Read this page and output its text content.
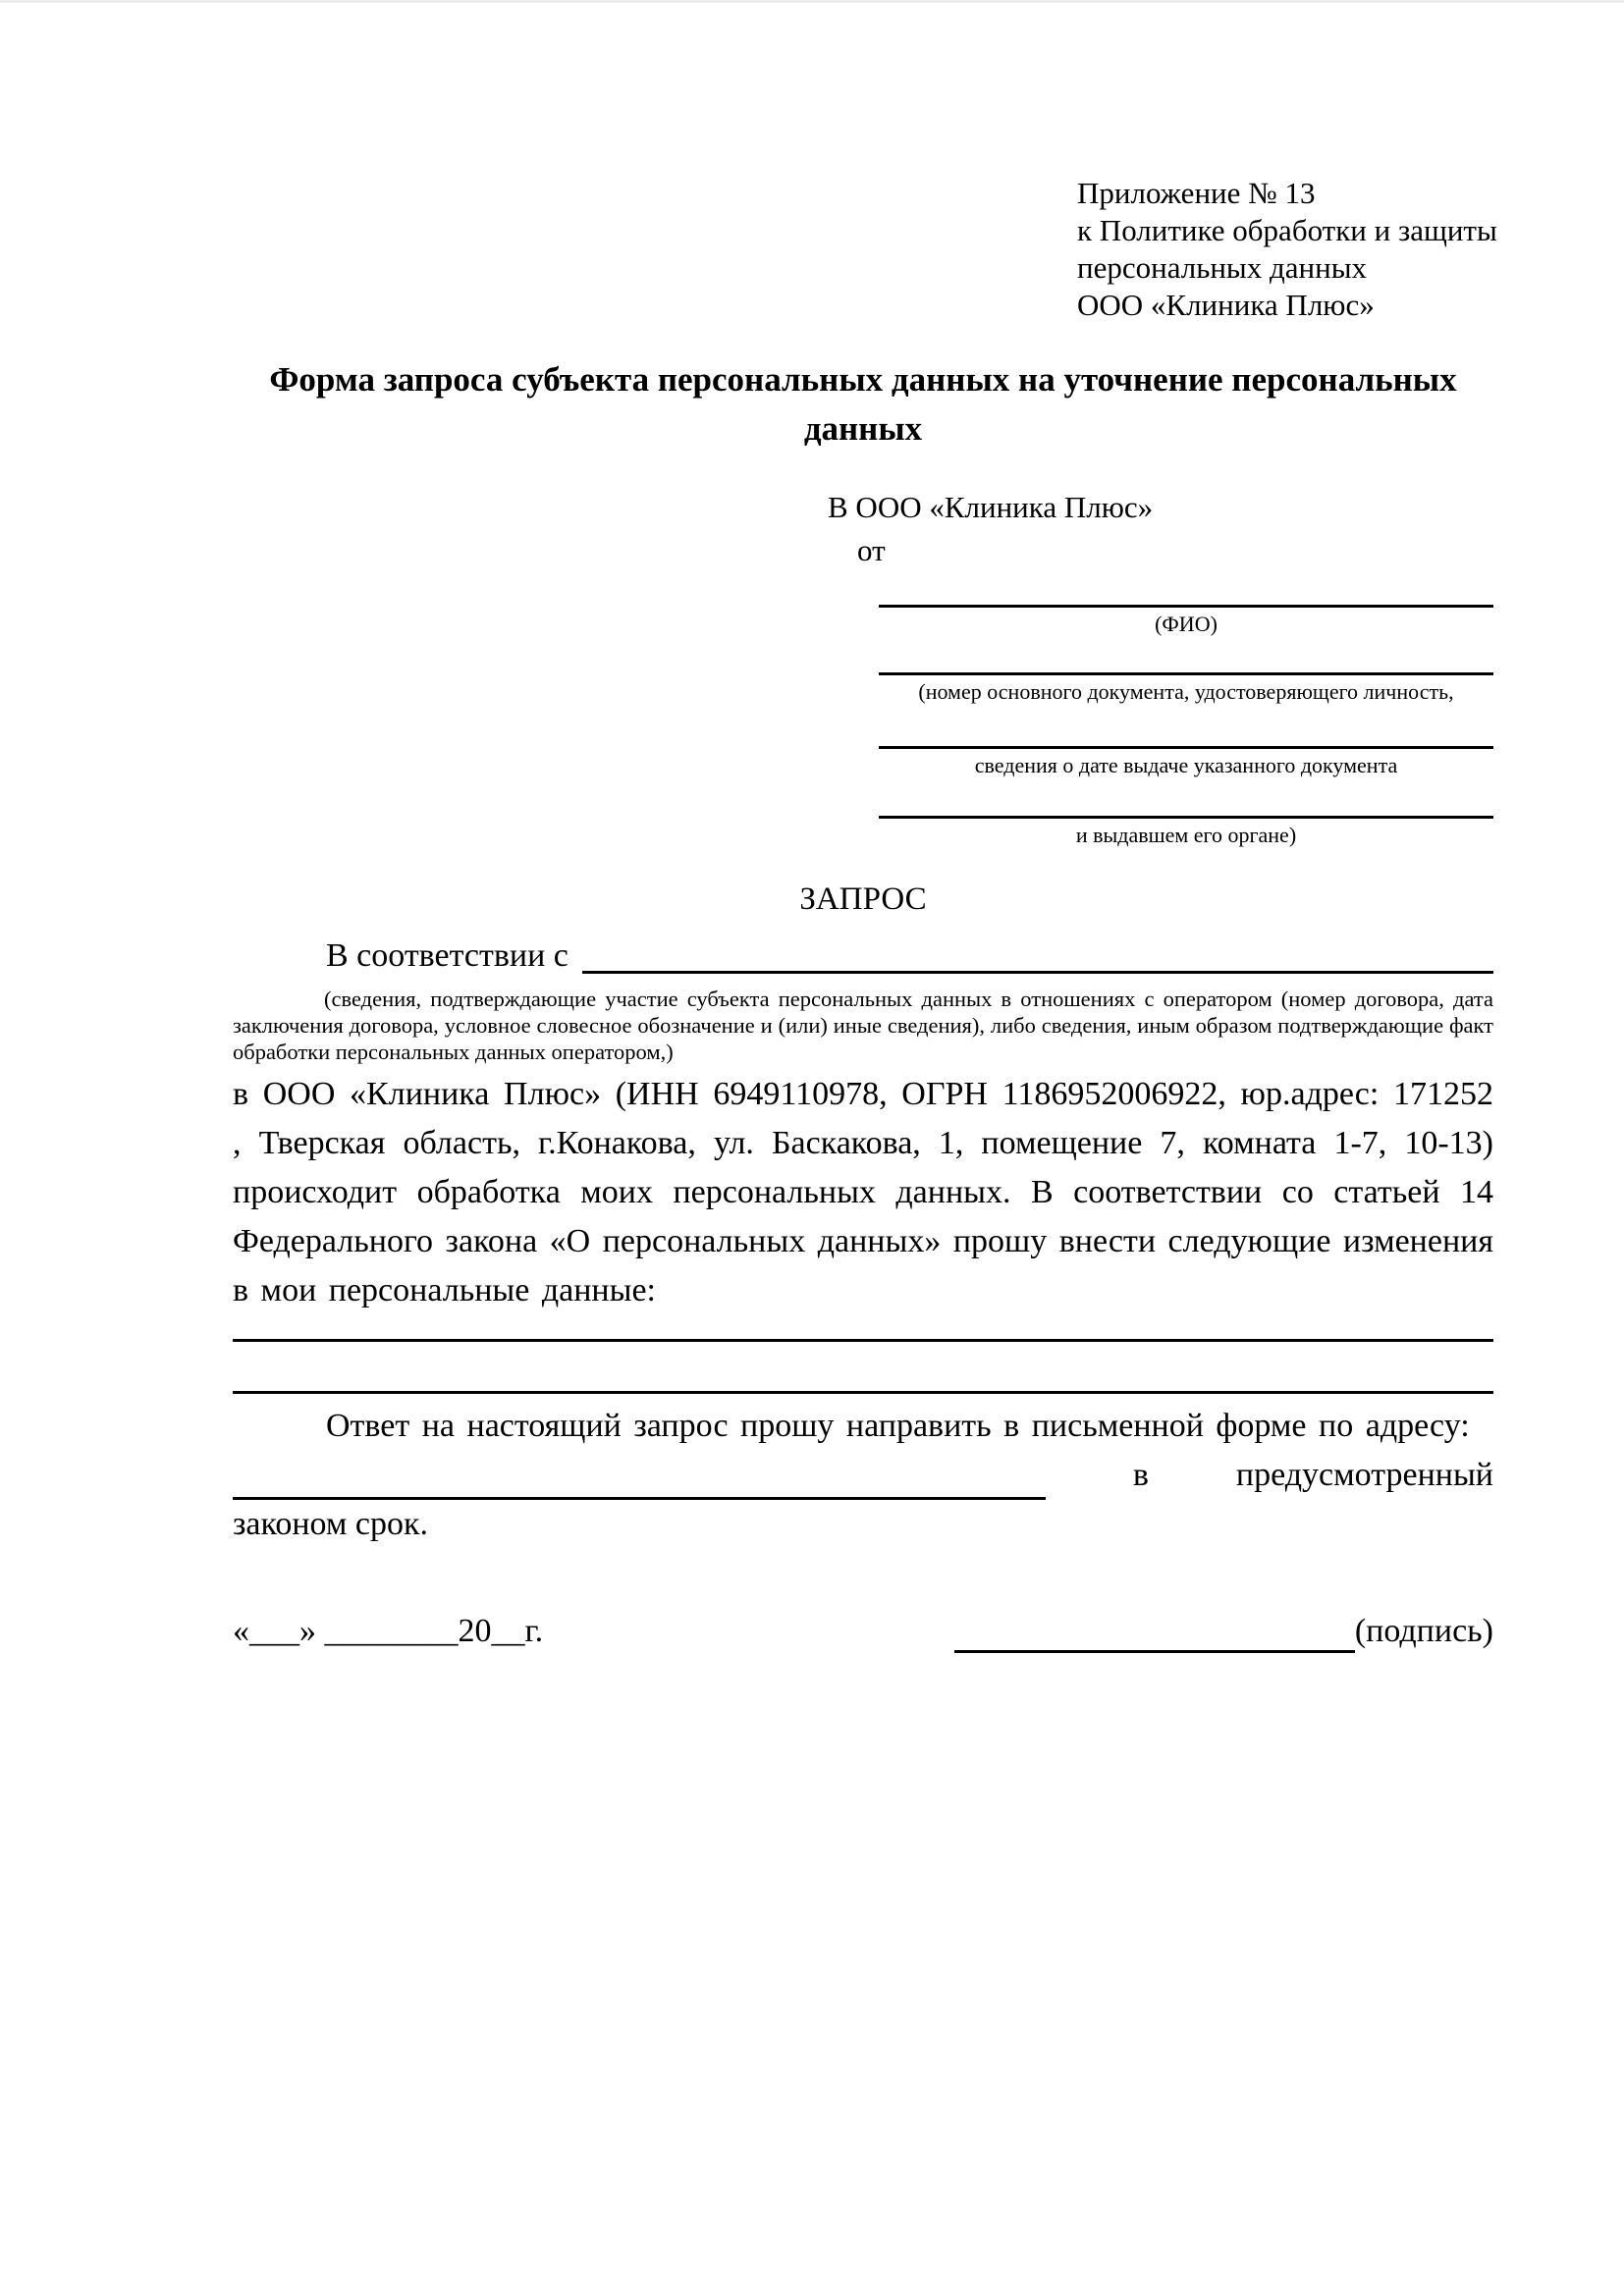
Приложение № 13
к Политике обработки и защиты
персональных данных
ООО «Клиника Плюс»
Форма запроса субъекта персональных данных на уточнение персональных данных
В ООО «Клиника Плюс»
от
(ФИО)
(номер основного документа, удостоверяющего личность,
сведения о дате выдаче указанного документа
и выдавшем его органе)
ЗАПРОС
В соответствии с
(сведения, подтверждающие участие субъекта персональных данных в отношениях с оператором (номер договора, дата заключения договора, условное словесное обозначение и (или) иные сведения), либо сведения, иным образом подтверждающие факт обработки персональных данных оператором,)
в ООО «Клиника Плюс» (ИНН 6949110978, ОГРН 1186952006922, юр.адрес: 171252 , Тверская область, г.Конакова, ул. Баскакова, 1, помещение 7, комната 1-7, 10-13) происходит обработка моих персональных данных. В соответствии со статьей 14 Федерального закона «О персональных данных» прошу внести следующие изменения в мои персональные данные:
Ответ на настоящий запрос прошу направить в письменной форме по адресу:
в	предусмотренный
законом срок.
«___» ________20__г.	(подпись)
